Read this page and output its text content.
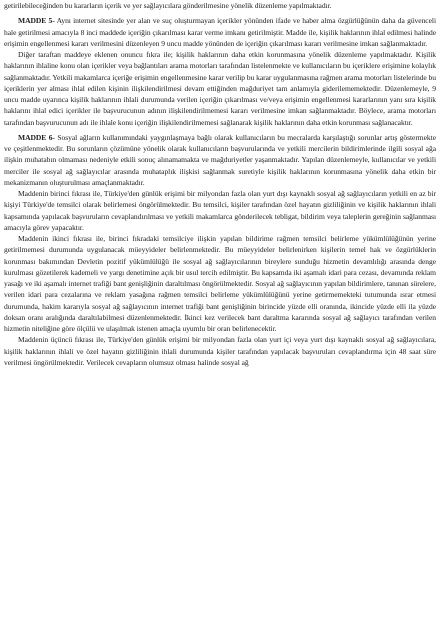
getirilebileceğinden bu kararların içerik ve yer sağlayıcılara gönderilmesine yönelik düzenleme yapılmaktadır.

MADDE 5- Aynı internet sitesinde yer alan ve suç oluşturmayan içerikler yönünden ifade ve haber alma özgürlüğünün daha da güvenceli hale getirilmesi amacıyla 8 inci maddede içeriğin çıkarılması karar verme imkanı getirilmiştir. Madde ile, kişilik haklarının ihlal edilmesi halinde erişimin engellenmesi kararı verilmesini düzenleyen 9 uncu madde yönünden de içeriğin çıkarılması kararı verilmesine imkan sağlanmaktadır.

Diğer taraftan maddeye eklenen onuncu fıkra ile; kişilik haklarının daha etkin korunmasına yönelik düzenleme yapılmaktadır. Kişilik haklarının ihlaline konu olan içerikler veya bağlantıları arama motorları tarafından listelenmekte ve kullanıcıların bu içeriklere erişimine kolaylık sağlanmaktadır. Yetkili makamlarca içeriğe erişimin engellenmesine karar verilip bu karar uygulanmasına rağmen arama motorları listelerinde bu içeriklerin yer alması ihlal edilen kişinin ilişkilendirilmesi devam ettiğinden mağduriyet tam anlamıyla giderilememektedir. Düzenlemeyle, 9 uncu madde uyarınca kişilik haklarının ihlali durumunda verilen içeriğin çıkarılması ve/veya erişimin engellenmesi kararlarının yanı sıra kişilik haklarını ihlal edici içerikler ile başvurucunun adının ilişkilendirilmemesi kararı verilmesine imkan sağlanmaktadır. Böylece, arama motorları tarafından başvurucunun adı ile ihlale konu içeriğin ilişkilendirilmemesi sağlanarak kişilik haklarının daha etkin korunması sağlanacaktır.

MADDE 6- Sosyal ağların kullanımındaki yaygınlaşmaya bağlı olarak kullanıcıların bu mecralarda karşılaştığı sorunlar artış göstermekte ve çeşitlenmektedir. Bu sorunların çözümüne yönelik olarak kullanıcıların başvurularında ve yetkili mercilerin bildirimlerinde ilgili sosyal ağa ilişkin muhatabın olmaması nedeniyle etkili sonuç alınamamakta ve mağduriyetler yaşanmaktadır. Yapılan düzenlemeyle, kullanıcılar ve yetkili merciler ile sosyal ağ sağlayıcılar arasında muhataplık ilişkisi sağlanmak suretiyle kişilik haklarının korunmasına yönelik daha etkin bir mekanizmanın oluşturulması amaçlanmaktadır.

Maddenin birinci fıkrası ile, Türkiye'den günlük erişimi bir milyondan fazla olan yurt dışı kaynaklı sosyal ağ sağlayıcıların yetkili en az bir kişiyi Türkiye'de temsilci olarak belirlemesi öngörülmektedir. Bu temsilci, kişiler tarafından özel hayatın gizliliğinin ve kişilik haklarının ihlali kapsamında yapılacak başvuruların cevaplandırılması ve yetkili makamlarca gönderilecek tebligat, bildirim veya taleplerin gereğinin sağlanması amacıyla görev yapacaktır.

Maddenin ikinci fıkrası ile, birinci fıkradaki temsilciye ilişkin yapılan bildirime rağmen temsilci belirleme yükümlülüğünün yerine getirilmemesi durumunda uygulanacak müeyyideler belirlenmektedir. Bu müeyyideler belirlenirken kişilerin temel hak ve özgürlüklerin korunması bakımından Devletin pozitif yükümlülüğü ile sosyal ağ sağlayıcılarının bireylere sunduğu hizmetin devamlılığı arasında denge kurulması gözetilerek kademeli ve yargı denetimine açık bir usul tercih edilmiştir. Bu kapsamda iki aşamalı idari para cezası, devamında reklam yasağı ve iki aşamalı internet trafiği bant genişliğinin daraltılması öngörülmektedir. Sosyal ağ sağlayıcının yapılan bildirimlere, tanınan sürelere, verilen idari para cezalarına ve reklam yasağına rağmen temsilci belirleme yükümlülüğünü yerine getirmemekteki tutumunda ısrar etmesi durumunda, hakim kararıyla sosyal ağ sağlayıcının internet trafiği bant genişliğinin birincide yüzde elli oranında, ikincide yüzde elli ila yüzde doksan oranı aralığında daraltılabilmesi düzenlenmektedir. İkinci kez verilecek bant daraltma kararında sosyal ağ sağlayıcı tarafından verilen hizmetin niteliğine göre ölçülü ve ulaşılmak istenen amaçla uyumlu bir oran belirlenecektir.

Maddenin üçüncü fıkrası ile, Türkiye'den günlük erişimi bir milyondan fazla olan yurt içi veya yurt dışı kaynaklı sosyal ağ sağlayıcılara, kişilik haklarının ihlali ve özel hayatın gizliliğinin ihlali durumunda kişiler tarafından yapılacak başvuruları cevaplandırma için 48 saat süre verilmesi öngörülmektedir. Verilecek cevapların olumsuz olması halinde sosyal ağ
